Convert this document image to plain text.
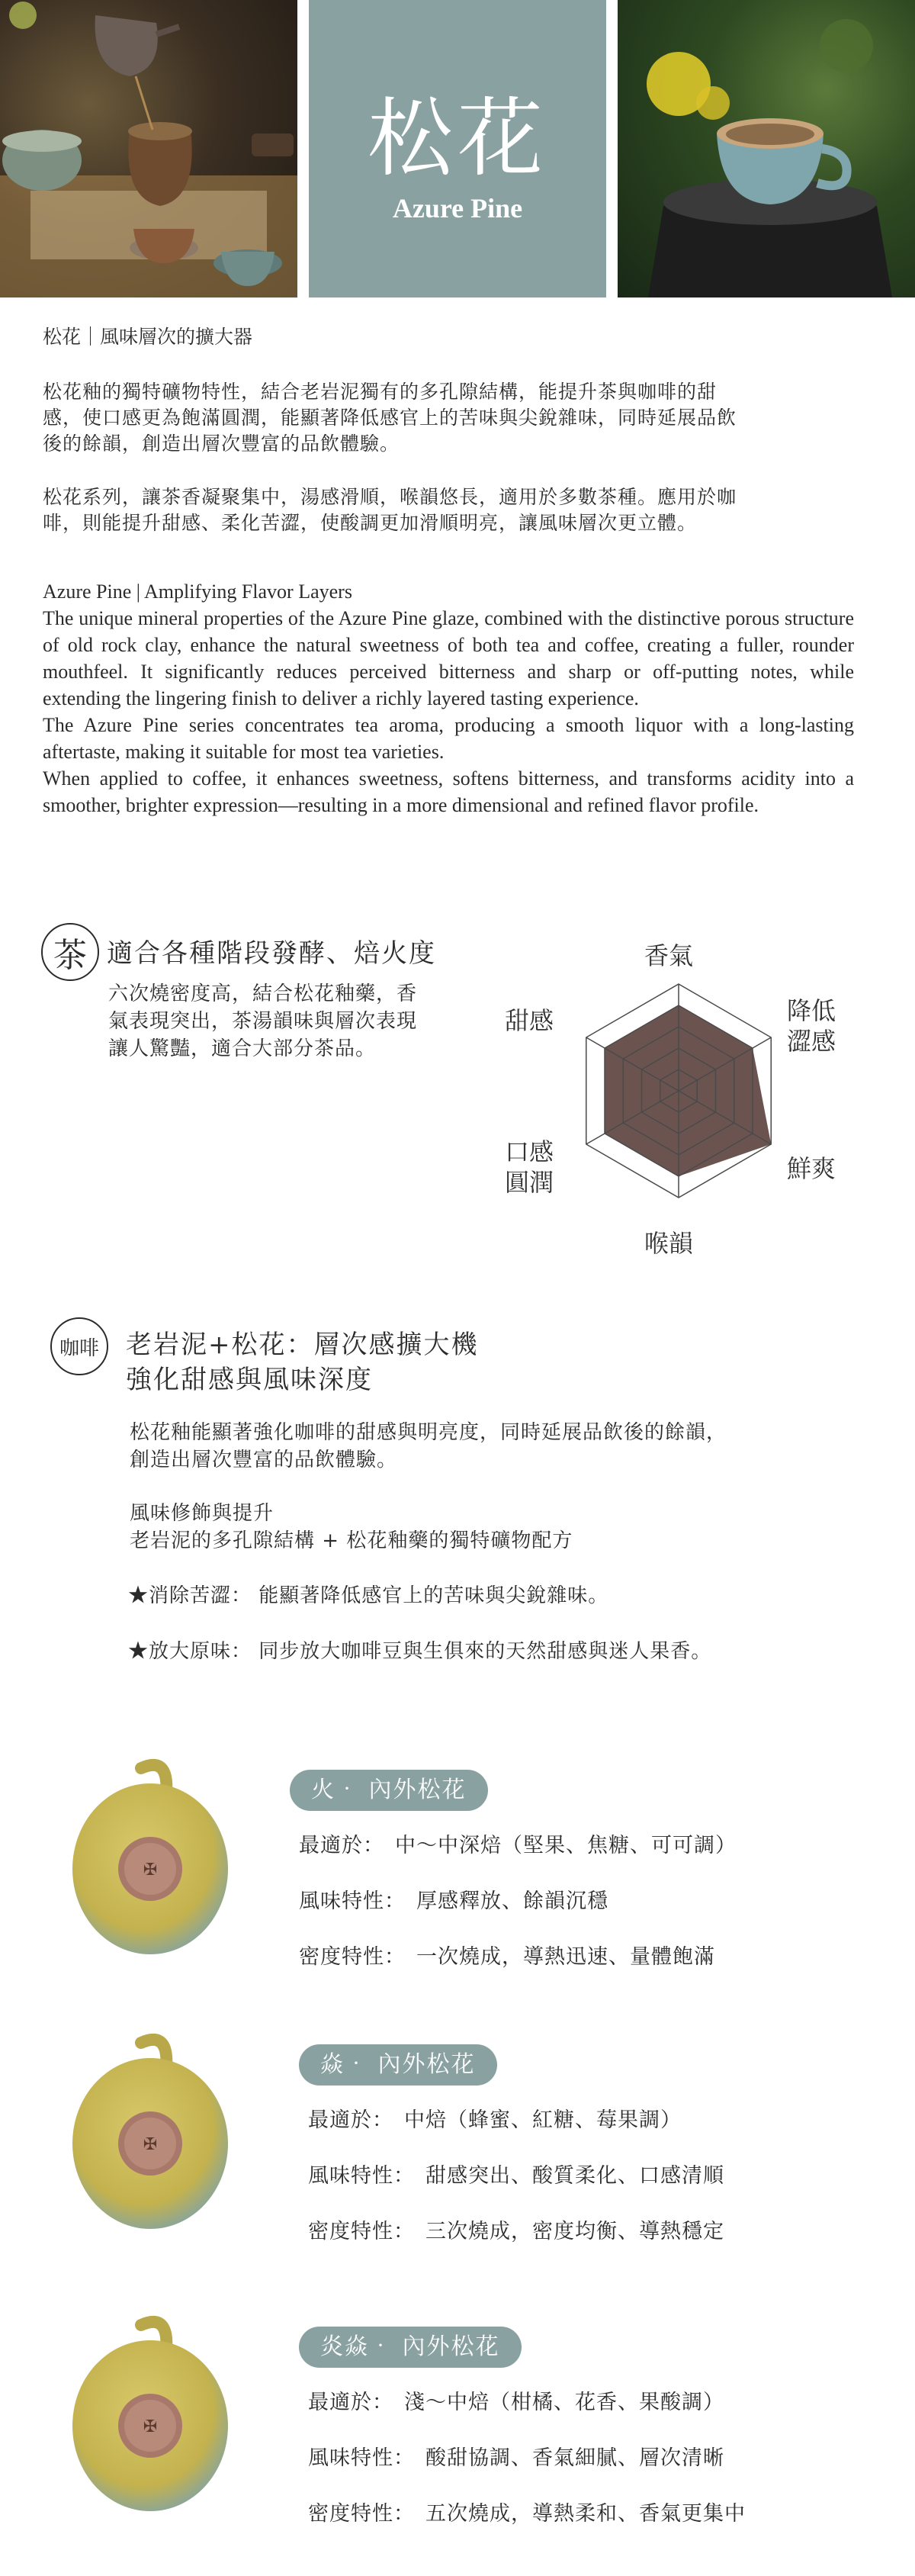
松花
Azure Pine
松花｜風味層次的擴大器
松花釉的獨特礦物特性，結合老岩泥獨有的多孔隙結構，能提升茶與咖啡的甜
感，使口感更為飽滿圓潤，能顯著降低感官上的苦味與尖銳雜味，同時延展品飲
後的餘韻，創造出層次豐富的品飲體驗。
松花系列，讓茶香凝聚集中，湯感滑順，喉韻悠長，適用於多數茶種。應用於咖
啡，則能提升甜感、柔化苦澀，使酸調更加滑順明亮，讓風味層次更立體。
Azure Pine | Amplifying Flavor Layers
The unique mineral properties of the Azure Pine glaze, combined with the distinctive porous structure of old rock clay, enhance the natural sweetness of both tea and coffee, creating a fuller, rounder mouthfeel. It significantly reduces perceived bitterness and sharp or off-putting notes, while extending the lingering finish to deliver a richly layered tasting experience.
The Azure Pine series concentrates tea aroma, producing a smooth liquor with a long-lasting aftertaste, making it suitable for most tea varieties.
When applied to coffee, it enhances sweetness, softens bitterness, and transforms acidity into a smoother, brighter expression—resulting in a more dimensional and refined flavor profile.
茶 適合各種階段發酵、焙火度
六次燒密度高，結合松花釉藥，香
氣表現突出，茶湯韻味與層次表現
讓人驚豔，適合大部分茶品。
香氣
降低
澀感
鮮爽
喉韻
口感
圓潤
甜感
咖啡 老岩泥+松花：層次感擴大機
強化甜感與風味深度
松花釉能顯著強化咖啡的甜感與明亮度，同時延展品飲後的餘韻，
創造出層次豐富的品飲體驗。
風味修飾與提升
老岩泥的多孔隙結構 + 松花釉藥的獨特礦物配方
★消除苦澀： 能顯著降低感官上的苦味與尖銳雜味。
★放大原味： 同步放大咖啡豆與生俱來的天然甜感與迷人果香。
✠
火‧ 內外松花
最適於： 中～中深焙（堅果、焦糖、可可調）
風味特性： 厚感釋放、餘韻沉穩
密度特性： 一次燒成，導熱迅速、量體飽滿
✠
焱‧ 內外松花
最適於： 中焙（蜂蜜、紅糖、莓果調）
風味特性： 甜感突出、酸質柔化、口感清順
密度特性： 三次燒成，密度均衡、導熱穩定
✠
炎焱‧ 內外松花
最適於： 淺～中焙（柑橘、花香、果酸調）
風味特性： 酸甜協調、香氣細膩、層次清晰
密度特性： 五次燒成，導熱柔和、香氣更集中
